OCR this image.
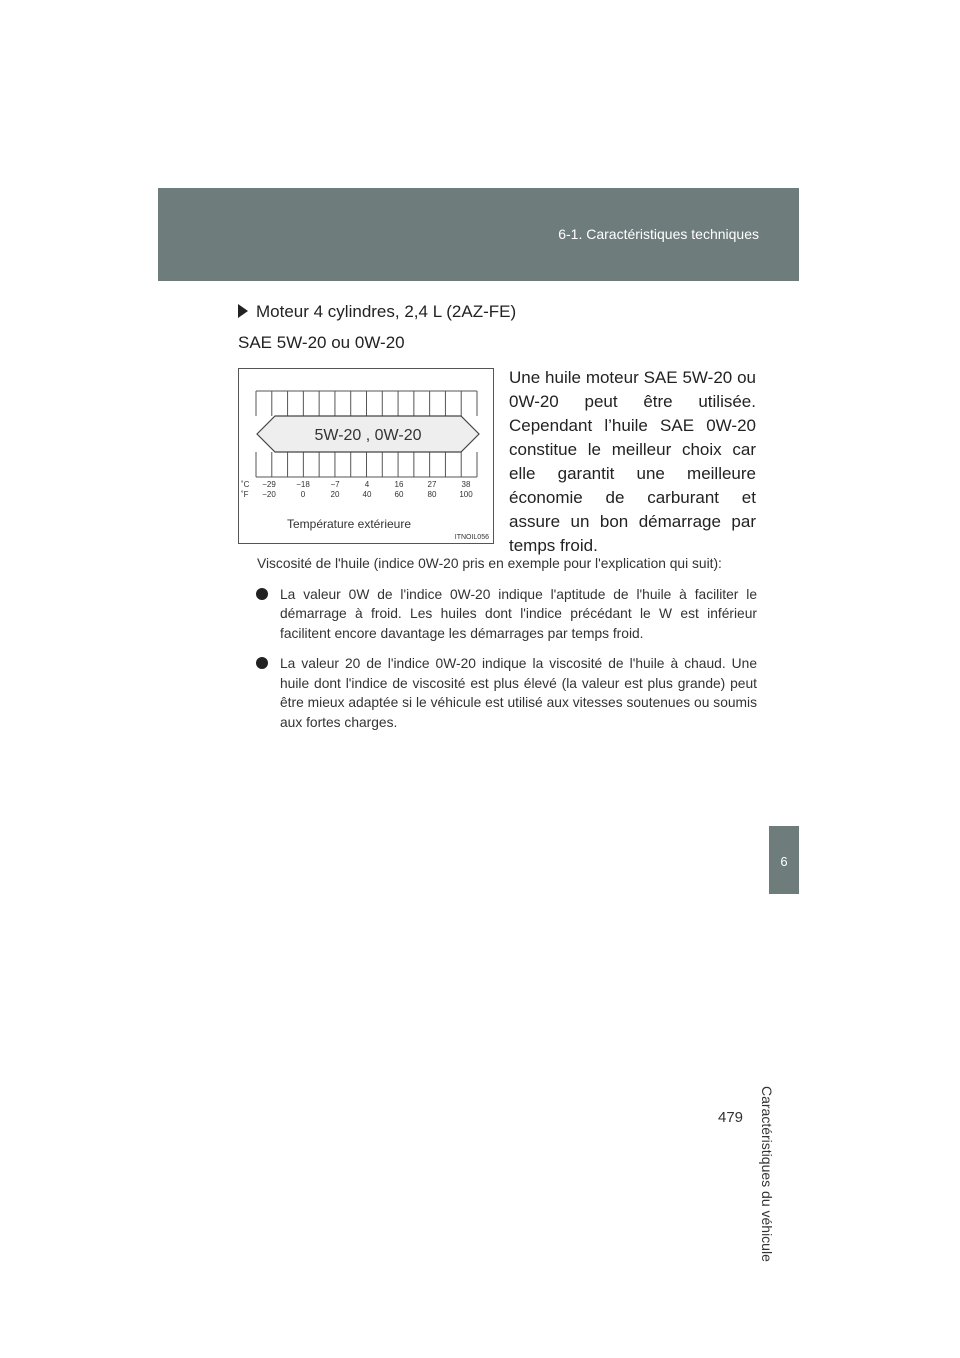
6-1. Caractéristiques techniques
6
Caractéristiques du véhicule
479
Moteur 4 cylindres, 2,4 L (2AZ-FE)
SAE 5W-20 ou 0W-20
5W-20 , 0W-20
˚C
˚F
−29
−20
−18
0
−7
20
4
40
16
60
27
80
38
100
Température extérieure
ITNOIL056
Une huile moteur SAE 5W-20 ou 0W-20 peut être utilisée. Cependant l’huile SAE 0W-20 constitue le meilleur choix car elle garantit une meilleure économie de carburant et assure un bon démarrage par temps froid.

Viscosité de l'huile (indice 0W-20 pris en exemple pour l'explication qui suit):

La valeur 0W de l'indice 0W-20 indique l'aptitude de l'huile à faciliter le démarrage à froid. Les huiles dont l'indice précédant le W est inférieur facilitent encore davantage les démarrages par temps froid.
La valeur 20 de l'indice 0W-20 indique la viscosité de l'huile à chaud. Une huile dont l'indice de viscosité est plus élevé (la valeur est plus grande) peut être mieux adaptée si le véhicule est utilisé aux vitesses soutenues ou soumis aux fortes charges.
